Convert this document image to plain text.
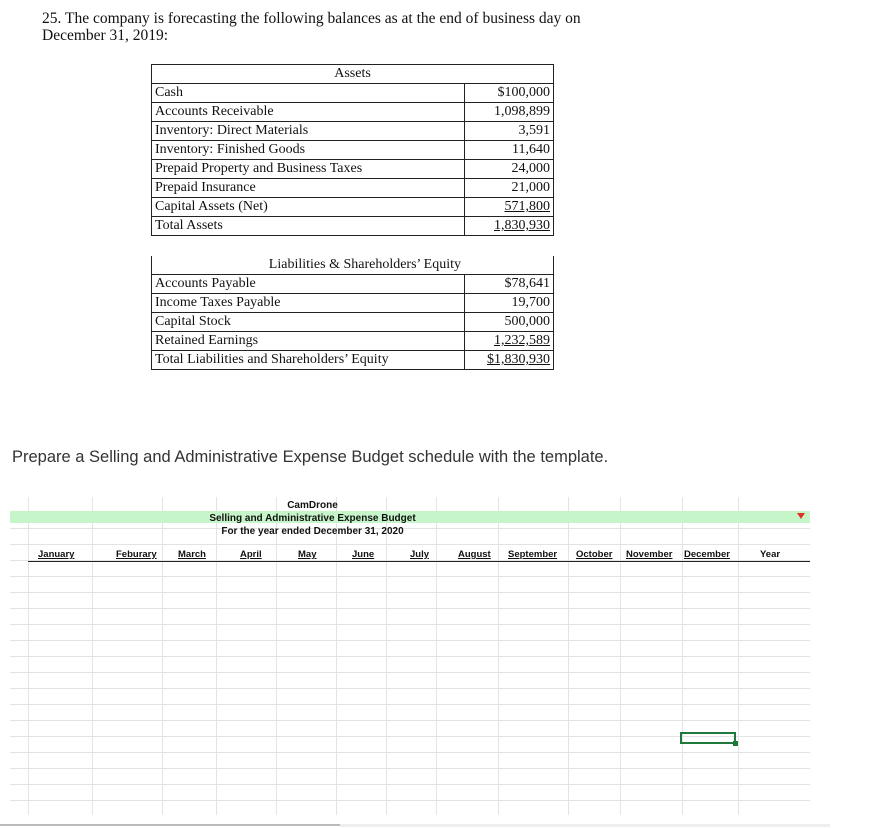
25. The company is forecasting the following balances as at the end of business day on
December 31, 2019:
Assets	
Cash	$100,000
Accounts Receivable	1,098,899
Inventory: Direct Materials	3,591
Inventory: Finished Goods	11,640
Prepaid Property and Business Taxes	24,000
Prepaid Insurance	21,000
Capital Assets (Net)	571,800
Total Assets	1,830,930
Liabilities & Shareholders’ Equity	
Accounts Payable	$78,641
Income Taxes Payable	19,700
Capital Stock	500,000
Retained Earnings	1,232,589
Total Liabilities and Shareholders’ Equity	$1,830,930
Prepare a Selling and Administrative Expense Budget schedule with the template.
CamDrone
Selling and Administrative Expense Budget
For the year ended December 31, 2020
January	Feburary March	April	May	June	July	August September October November December	Year
